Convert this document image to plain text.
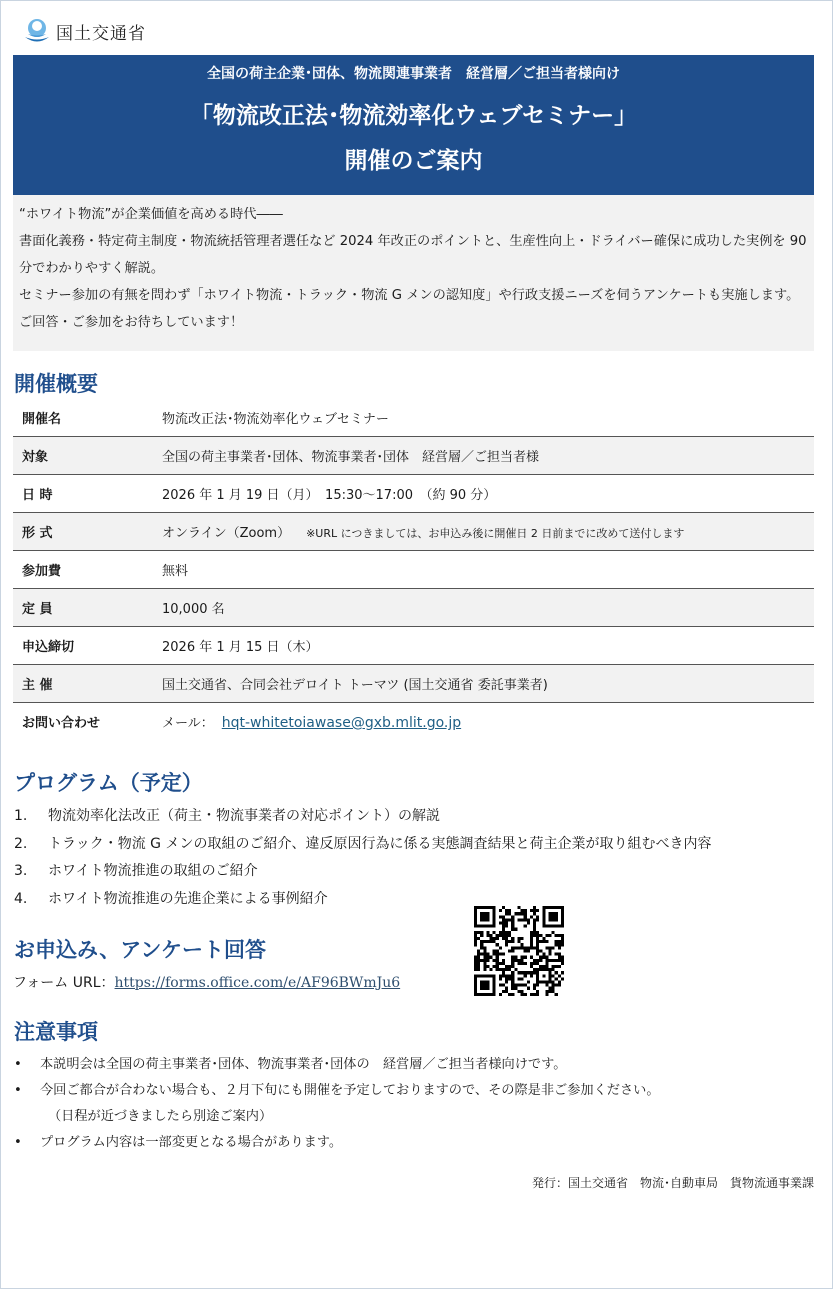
国土交通省
全国の荷主企業･団体、物流関連事業者　経営層／ご担当者様向け
「物流改正法･物流効率化ウェブセミナー」
開催のご案内

“ホワイト物流”が企業価値を高める時代――

書面化義務・特定荷主制度・物流統括管理者選任など 2024 年改正のポイントと、生産性向上・ドライバー確保に成功した実例を 90 分でわかりやすく解説。

セミナー参加の有無を問わず「ホワイト物流・トラック・物流 G メンの認知度」や行政支援ニーズを伺うアンケートも実施します。ご回答・ご参加をお待ちしています！

開催概要
開催名	物流改正法･物流効率化ウェブセミナー
対象	全国の荷主事業者･団体、物流事業者･団体　経営層／ご担当者様
日 時	2026 年 1 月 19 日（月）　15:30～17:00　（約 90 分）
形 式	オンライン（Zoom） ※URL につきましては、お申込み後に開催日 2 日前までに改めて送付します
参加費	無料
定 員	10,000 名
申込締切	2026 年 1 月 15 日（木）
主 催	国土交通省、合同会社デロイト トーマツ (国土交通省 委託事業者)
お問い合わせ	メール： hqt-whitetoiawase@gxb.mlit.go.jp
プログラム（予定）
1. 物流効率化法改正（荷主・物流事業者の対応ポイント）の解説
2. トラック・物流 G メンの取組のご紹介、違反原因行為に係る実態調査結果と荷主企業が取り組むべき内容
3. ホワイト物流推進の取組のご紹介
4. ホワイト物流推進の先進企業による事例紹介
お申込み、アンケート回答
フォーム URL：https://forms.office.com/e/AF96BWmJu6
注意事項
• 本説明会は全国の荷主事業者･団体、物流事業者･団体の　経営層／ご担当者様向けです。
• 今回ご都合が合わない場合も、２月下旬にも開催を予定しておりますので、その際是非ご参加ください。
（日程が近づきましたら別途ご案内）
• プログラム内容は一部変更となる場合があります。
発行：国土交通省　物流･自動車局　貨物流通事業課
